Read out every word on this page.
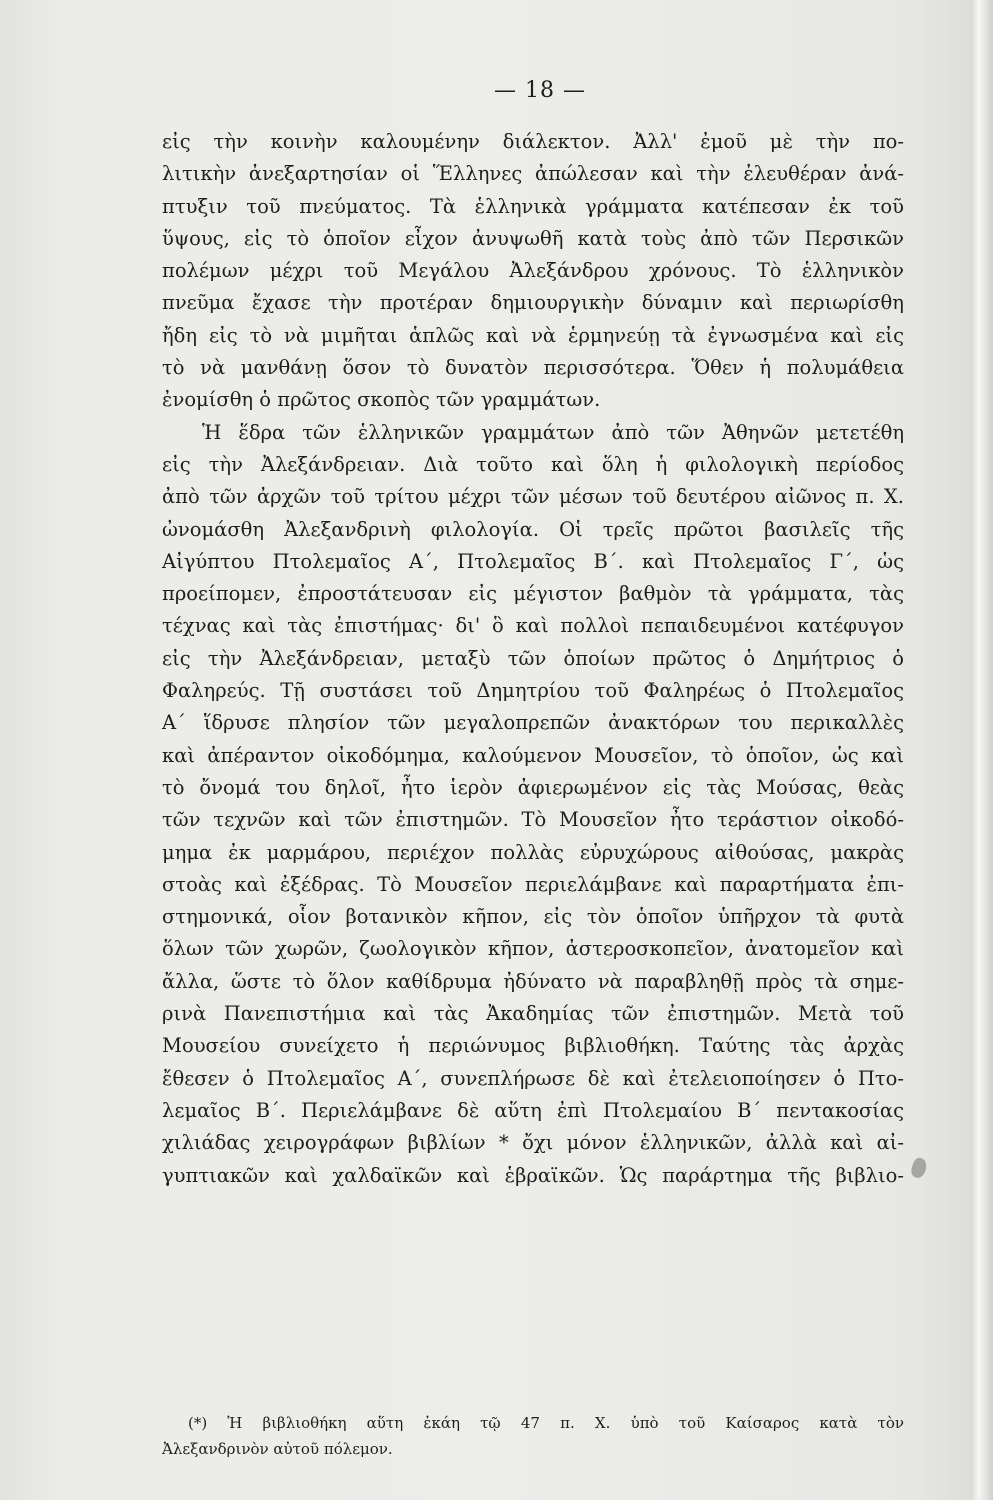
— 18 —
εἰς τὴν κοινὴν καλουμένην διάλεκτον. Ἀλλ' ἐμοῦ μὲ τὴν πο-
λιτικὴν ἀνεξαρτησίαν οἱ Ἕλληνες ἀπώλεσαν καὶ τὴν ἐλευθέραν ἀνά-
πτυξιν τοῦ πνεύματος. Τὰ ἑλληνικὰ γράμματα κατέπεσαν ἐκ τοῦ
ὕψους, εἰς τὸ ὁποῖον εἶχον ἀνυψωθῆ κατὰ τοὺς ἀπὸ τῶν Περσικῶν
πολέμων μέχρι τοῦ Μεγάλου Ἀλεξάνδρου χρόνους. Τὸ ἑλληνικὸν
πνεῦμα ἔχασε τὴν προτέραν δημιουργικὴν δύναμιν καὶ περιωρίσθη
ἤδη εἰς τὸ νὰ μιμῆται ἁπλῶς καὶ νὰ ἑρμηνεύῃ τὰ ἐγνωσμένα καὶ εἰς
τὸ νὰ μανθάνῃ ὅσον τὸ δυνατὸν περισσότερα. Ὅθεν ἡ πολυμάθεια
ἐνομίσθη ὁ πρῶτος σκοπὸς τῶν γραμμάτων.
Ἡ ἕδρα τῶν ἑλληνικῶν γραμμάτων ἀπὸ τῶν Ἀθηνῶν μετετέθη
εἰς τὴν Ἀλεξάνδρειαν. Διὰ τοῦτο καὶ ὅλη ἡ φιλολογικὴ περίοδος
ἀπὸ τῶν ἀρχῶν τοῦ τρίτου μέχρι τῶν μέσων τοῦ δευτέρου αἰῶνος π. Χ.
ὠνομάσθη Ἀλεξανδρινὴ φιλολογία. Οἱ τρεῖς πρῶτοι βασιλεῖς τῆς
Αἰγύπτου Πτολεμαῖος Α΄, Πτολεμαῖος Β΄. καὶ Πτολεμαῖος Γ΄, ὡς
προείπομεν, ἐπροστάτευσαν εἰς μέγιστον βαθμὸν τὰ γράμματα, τὰς
τέχνας καὶ τὰς ἐπιστήμας· δι' ὃ καὶ πολλοὶ πεπαιδευμένοι κατέφυγον
εἰς τὴν Ἀλεξάνδρειαν, μεταξὺ τῶν ὁποίων πρῶτος ὁ Δημήτριος ὁ
Φαληρεύς. Τῇ συστάσει τοῦ Δημητρίου τοῦ Φαληρέως ὁ Πτολεμαῖος
Α΄ ἵδρυσε πλησίον τῶν μεγαλοπρεπῶν ἀνακτόρων του περικαλλὲς
καὶ ἀπέραντον οἰκοδόμημα, καλούμενον Μουσεῖον, τὸ ὁποῖον, ὡς καὶ
τὸ ὄνομά του δηλοῖ, ἦτο ἱερὸν ἀφιερωμένον εἰς τὰς Μούσας, θεὰς
τῶν τεχνῶν καὶ τῶν ἐπιστημῶν. Τὸ Μουσεῖον ἦτο τεράστιον οἰκοδό-
μημα ἐκ μαρμάρου, περιέχον πολλὰς εὐρυχώρους αἰθούσας, μακρὰς
στοὰς καὶ ἐξέδρας. Τὸ Μουσεῖον περιελάμβανε καὶ παραρτήματα ἐπι-
στημονικά, οἷον βοτανικὸν κῆπον, εἰς τὸν ὁποῖον ὑπῆρχον τὰ φυτὰ
ὅλων τῶν χωρῶν, ζωολογικὸν κῆπον, ἀστεροσκοπεῖον, ἀνατομεῖον καὶ
ἄλλα, ὥστε τὸ ὅλον καθίδρυμα ἠδύνατο νὰ παραβληθῇ πρὸς τὰ σημε-
ρινὰ Πανεπιστήμια καὶ τὰς Ἀκαδημίας τῶν ἐπιστημῶν. Μετὰ τοῦ
Μουσείου συνείχετο ἡ περιώνυμος βιβλιοθήκη. Ταύτης τὰς ἀρχὰς
ἔθεσεν ὁ Πτολεμαῖος Α΄, συνεπλήρωσε δὲ καὶ ἐτελειοποίησεν ὁ Πτο-
λεμαῖος Β΄. Περιελάμβανε δὲ αὕτη ἐπὶ Πτολεμαίου Β΄ πεντακοσίας
χιλιάδας χειρογράφων βιβλίων * ὄχι μόνον ἑλληνικῶν, ἀλλὰ καὶ αἰ-
γυπτιακῶν καὶ χαλδαϊκῶν καὶ ἑβραϊκῶν. Ὡς παράρτημα τῆς βιβλιο-
(*) Ἡ βιβλιοθήκη αὕτη ἐκάη τῷ 47 π. Χ. ὑπὸ τοῦ Καίσαρος κατὰ τὸν
Ἀλεξανδρινὸν αὐτοῦ πόλεμον.
